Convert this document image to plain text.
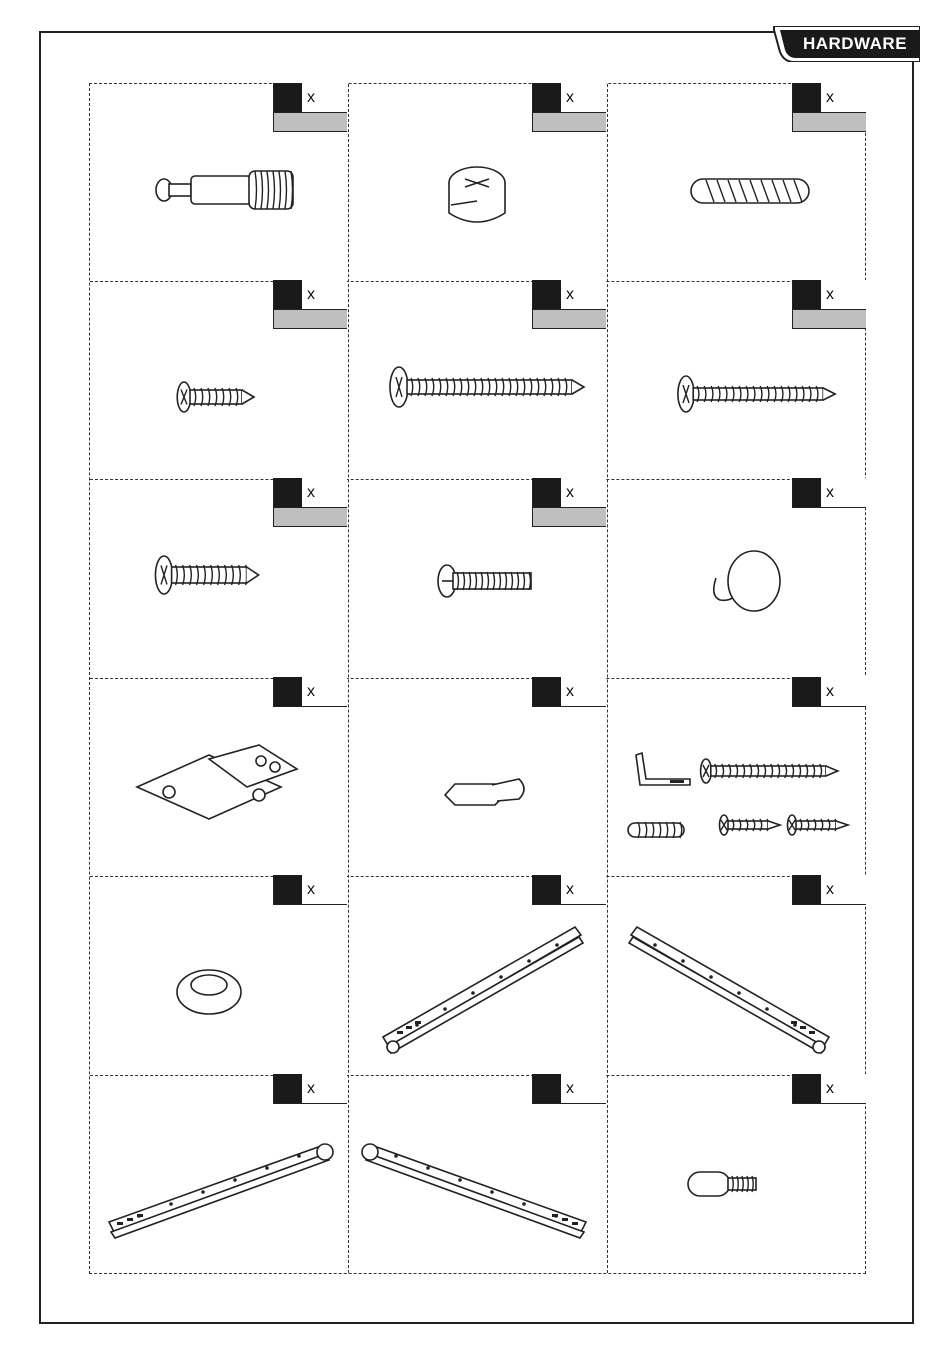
HARDWARE
x	x	x
x	x	x
x	x	x
x	x	x
x	x	x
x	x	x
